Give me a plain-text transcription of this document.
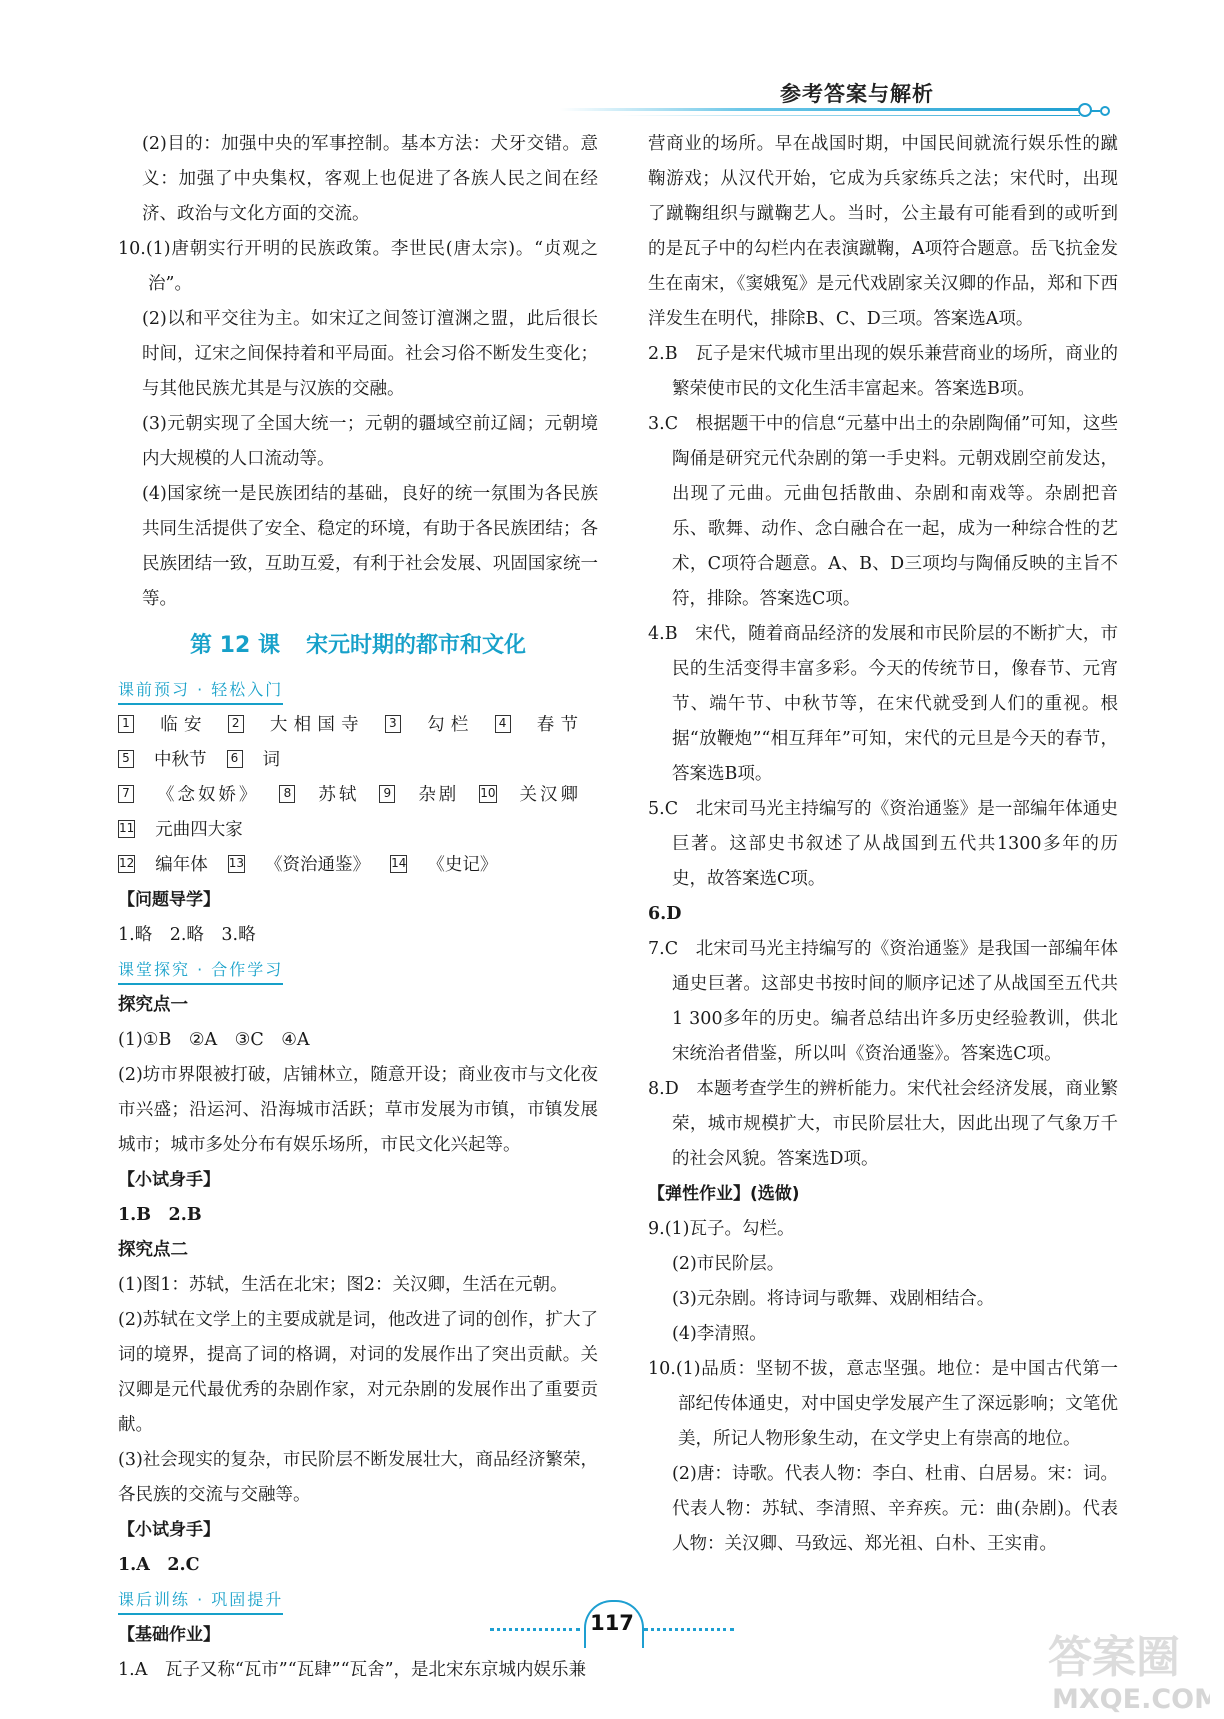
参考答案与解析

(2)目的：加强中央的军事控制。基本方法：犬牙交错。意义：加强了中央集权，客观上也促进了各族人民之间在经济、政治与文化方面的交流。

10.(1)唐朝实行开明的民族政策。李世民(唐太宗)。“贞观之治”。

(2)以和平交往为主。如宋辽之间签订澶渊之盟，此后很长时间，辽宋之间保持着和平局面。社会习俗不断发生变化；与其他民族尤其是与汉族的交融。

(3)元朝实现了全国大统一；元朝的疆域空前辽阔；元朝境内大规模的人口流动等。

(4)国家统一是民族团结的基础，良好的统一氛围为各民族共同生活提供了安全、稳定的环境，有助于各民族团结；各民族团结一致，互助互爱，有利于社会发展、巩固国家统一等。

第 12 课 宋元时期的都市和文化
课前预习 · 轻松入门
1 临安 2 大相国寺 3 勾栏 4 春节5 中秋节 6 词
7 《念奴娇》 8 苏轼 9 杂剧 10 关汉卿11 元曲四大家
12 编年体 13 《资治通鉴》 14 《史记》
【问题导学】
1.略　2.略　3.略
课堂探究 · 合作学习
探究点一
(1)①B　②A　③C　④A

(2)坊市界限被打破，店铺林立，随意开设；商业夜市与文化夜市兴盛；沿运河、沿海城市活跃；草市发展为市镇，市镇发展城市；城市多处分布有娱乐场所，市民文化兴起等。

【小试身手】
1.B　2.B
探究点二

(1)图1：苏轼，生活在北宋；图2：关汉卿，生活在元朝。

(2)苏轼在文学上的主要成就是词，他改进了词的创作，扩大了词的境界，提高了词的格调，对词的发展作出了突出贡献。关汉卿是元代最优秀的杂剧作家，对元杂剧的发展作出了重要贡献。

(3)社会现实的复杂，市民阶层不断发展壮大，商品经济繁荣，各民族的交流与交融等。

【小试身手】
1.A　2.C
课后训练 · 巩固提升
【基础作业】

1.A　瓦子又称“瓦市”“瓦肆”“瓦舍”，是北宋东京城内娱乐兼

营商业的场所。早在战国时期，中国民间就流行娱乐性的蹴鞠游戏；从汉代开始，它成为兵家练兵之法；宋代时，出现了蹴鞠组织与蹴鞠艺人。当时，公主最有可能看到的或听到的是瓦子中的勾栏内在表演蹴鞠，A项符合题意。岳飞抗金发生在南宋，《窦娥冤》是元代戏剧家关汉卿的作品，郑和下西洋发生在明代，排除B、C、D三项。答案选A项。

2.B　瓦子是宋代城市里出现的娱乐兼营商业的场所，商业的繁荣使市民的文化生活丰富起来。答案选B项。

3.C　根据题干中的信息“元墓中出土的杂剧陶俑”可知，这些陶俑是研究元代杂剧的第一手史料。元朝戏剧空前发达，出现了元曲。元曲包括散曲、杂剧和南戏等。杂剧把音乐、歌舞、动作、念白融合在一起，成为一种综合性的艺术，C项符合题意。A、B、D三项均与陶俑反映的主旨不符，排除。答案选C项。

4.B　宋代，随着商品经济的发展和市民阶层的不断扩大，市民的生活变得丰富多彩。今天的传统节日，像春节、元宵节、端午节、中秋节等，在宋代就受到人们的重视。根据“放鞭炮”“相互拜年”可知，宋代的元旦是今天的春节，答案选B项。

5.C　北宋司马光主持编写的《资治通鉴》是一部编年体通史巨著。这部史书叙述了从战国到五代共1300多年的历史，故答案选C项。

6.D

7.C　北宋司马光主持编写的《资治通鉴》是我国一部编年体通史巨著。这部史书按时间的顺序记述了从战国至五代共1 300多年的历史。编者总结出许多历史经验教训，供北宋统治者借鉴，所以叫《资治通鉴》。答案选C项。

8.D　本题考查学生的辨析能力。宋代社会经济发展，商业繁荣，城市规模扩大，市民阶层壮大，因此出现了气象万千的社会风貌。答案选D项。

【弹性作业】(选做)

9.(1)瓦子。勾栏。

(2)市民阶层。

(3)元杂剧。将诗词与歌舞、戏剧相结合。

(4)李清照。

10.(1)品质：坚韧不拔，意志坚强。地位：是中国古代第一部纪传体通史，对中国史学发展产生了深远影响；文笔优美，所记人物形象生动，在文学史上有崇高的地位。

(2)唐：诗歌。代表人物：李白、杜甫、白居易。宋：词。代表人物：苏轼、李清照、辛弃疾。元：曲(杂剧)。代表人物：关汉卿、马致远、郑光祖、白朴、王实甫。

117
答案圈
MXQE.COM
